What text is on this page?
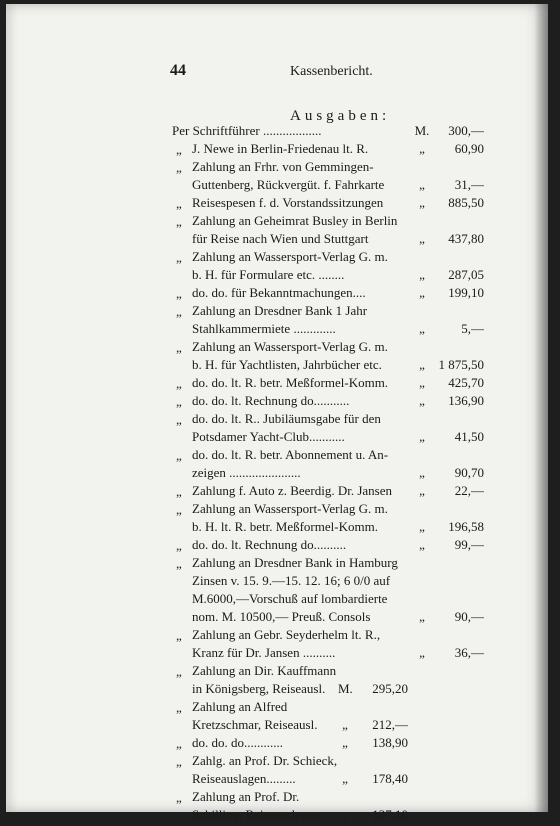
44	Kassenbericht.
Ausgaben:
Per Schriftführer ..................	M.	300,—
„ J. Newe in Berlin-Friedenau lt. R.	„	60,90
„ Zahlung an Frhr. von Gemmingen-
Guttenberg, Rückvergüt. f. Fahrkarte	„	31,—
„ Reisespesen f. d. Vorstandssitzungen	„	885,50
„ Zahlung an Geheimrat Busley in Berlin
für Reise nach Wien und Stuttgart	„	437,80
„ Zahlung an Wassersport-Verlag G. m.
b. H. für Formulare etc. ........	„	287,05
„ do. do. für Bekanntmachungen....	„	199,10
„ Zahlung an Dresdner Bank 1 Jahr
Stahlkammermiete .............	„	5,—
„ Zahlung an Wassersport-Verlag G. m.
b. H. für Yachtlisten, Jahrbücher etc.	„	1 875,50
„ do. do. lt. R. betr. Meßformel-Komm.	„	425,70
„ do. do. lt. Rechnung do...........	„	136,90
„ do. do. lt. R.. Jubiläumsgabe für den
Potsdamer Yacht-Club...........	„	41,50
„ do. do. lt. R. betr. Abonnement u. An-
zeigen ......................	„	90,70
„ Zahlung f. Auto z. Beerdig. Dr. Jansen	„	22,—
„ Zahlung an Wassersport-Verlag G. m.
b. H. lt. R. betr. Meßformel-Komm.	„	196,58
„ do. do. lt. Rechnung do..........	„	99,—
„ Zahlung an Dresdner Bank in Hamburg
Zinsen v. 15. 9.—15. 12. 16; 6 0/0 auf
M.6000,—Vorschuß auf lombardierte
nom. M. 10500,— Preuß. Consols	„	90,—
„ Zahlung an Gebr. Seyderhelm lt. R.,
Kranz für Dr. Jansen ..........	„	36,—
„ Zahlung an Dir. Kauffmann
in Königsberg, Reiseausl. M.	295,20
„ Zahlung an Alfred
Kretzschmar, Reiseausl.	„	212,—
„ do. do. do............	„	138,90
„ Zahlg. an Prof. Dr. Schieck,
Reiseauslagen.........	„	178,40
„ Zahlung an Prof. Dr.
Schilling, Reiseauslagen	„	137,10
